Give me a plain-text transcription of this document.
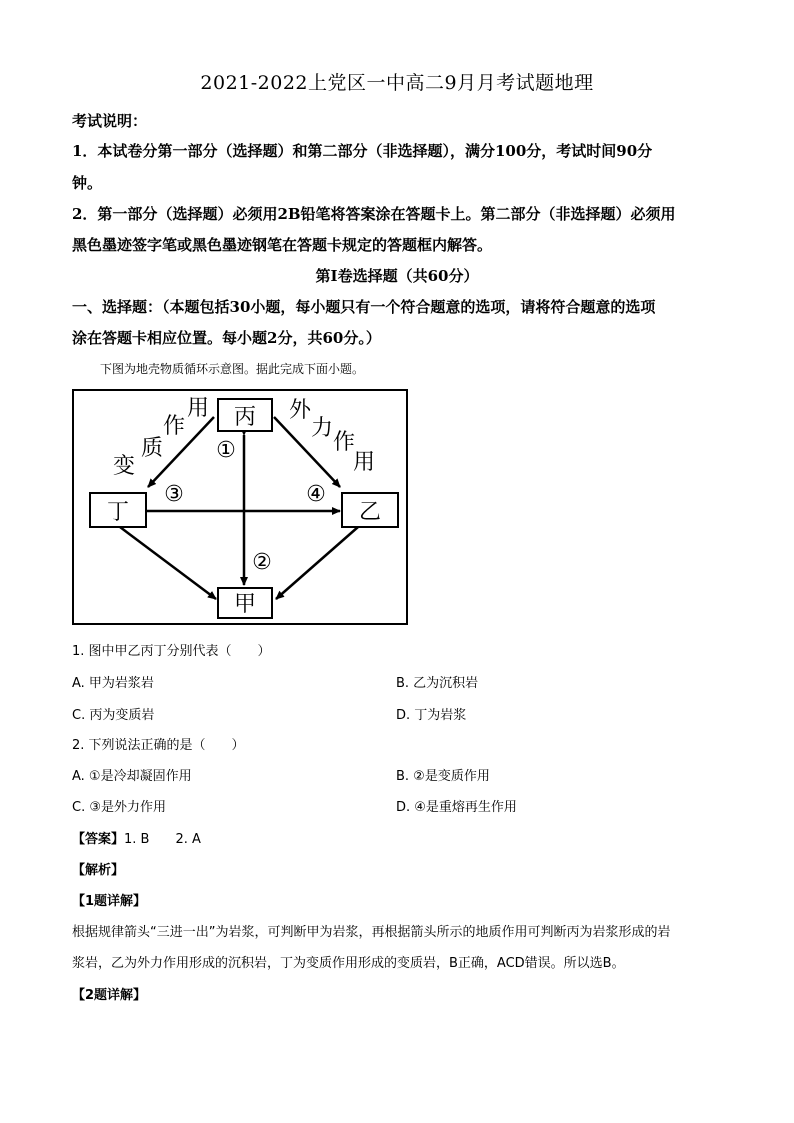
2021-2022上党区一中高二9月月考试题地理
考试说明：
1．本试卷分第一部分（选择题）和第二部分（非选择题），满分100分，考试时间90分
钟。
2．第一部分（选择题）必须用2B铅笔将答案涂在答题卡上。第二部分（非选择题）必须用
黑色墨迹签字笔或黑色墨迹钢笔在答题卡规定的答题框内解答。
第Ⅰ卷选择题（共60分）
一、选择题：（本题包括30小题，每小题只有一个符合题意的选项，请将符合题意的选项
涂在答题卡相应位置。每小题2分，共60分。）
下图为地壳物质循环示意图。据此完成下面小题。
丙
丁	乙
甲
①
②
③	④
变
质
作
用	外
力
作
用
1. 图中甲乙丙丁分别代表（　　）
A. 甲为岩浆岩	B. 乙为沉积岩
C. 丙为变质岩	D. 丁为岩浆
2. 下列说法正确的是（　　）
A. ①是冷却凝固作用	B. ②是变质作用
C. ③是外力作用	D. ④是重熔再生作用
【答案】1. B　　2. A
【解析】
【1题详解】
根据规律箭头“三进一出”为岩浆，可判断甲为岩浆，再根据箭头所示的地质作用可判断丙为岩浆形成的岩
浆岩，乙为外力作用形成的沉积岩，丁为变质作用形成的变质岩，B正确，ACD错误。所以选B。
【2题详解】
